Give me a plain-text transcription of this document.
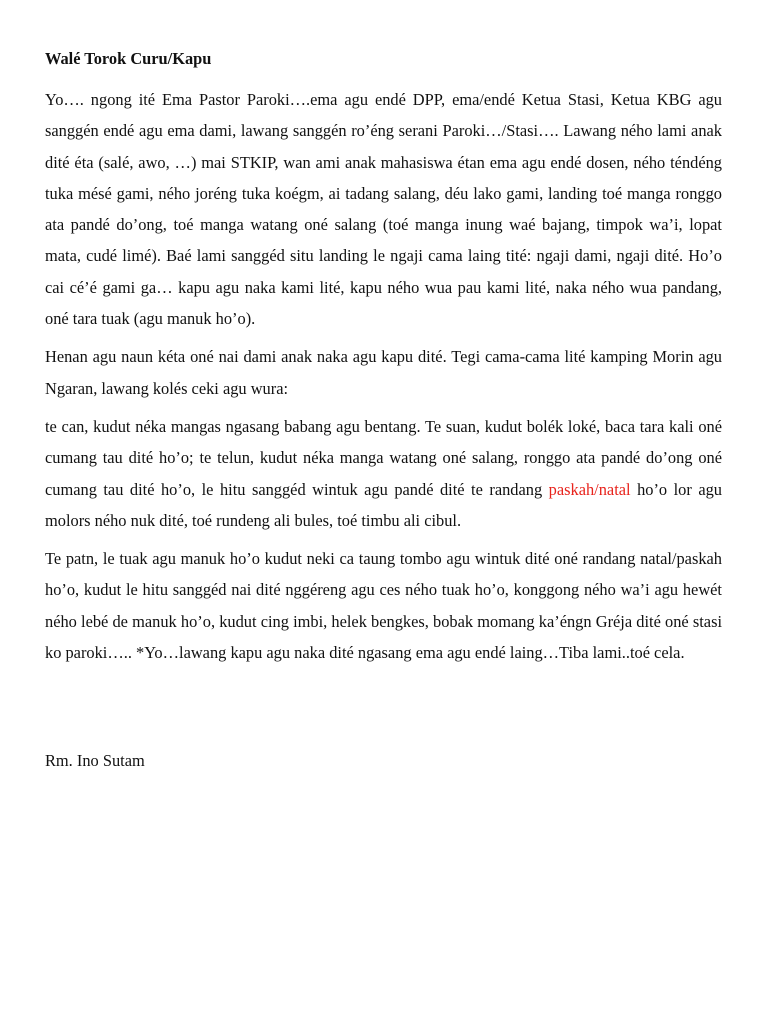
Walé Torok Curu/Kapu

Yo…. ngong ité Ema Pastor Paroki….ema agu endé DPP, ema/endé Ketua Stasi, Ketua KBG agu sanggén endé agu ema dami, lawang sanggén ro’éng serani Paroki…/Stasi…. Lawang ného lami anak dité éta (salé, awo, …) mai STKIP, wan ami anak mahasiswa étan ema agu endé dosen, ného téndéng tuka mésé gami, ného joréng tuka koégm, ai tadang salang, déu lako gami, landing toé manga ronggo ata pandé do’ong, toé manga watang oné salang (toé manga inung waé bajang, timpok wa’i, lopat mata, cudé limé). Baé lami sanggéd situ landing le ngaji cama laing tité: ngaji dami, ngaji dité. Ho’o cai cé’é gami ga… kapu agu naka kami lité, kapu ného wua pau kami lité, naka ného wua pandang, oné tara tuak (agu manuk ho’o).

Henan agu naun kéta oné nai dami anak naka agu kapu dité. Tegi cama-cama lité kamping Morin agu Ngaran, lawang kolés ceki agu wura:

te can, kudut néka mangas ngasang babang agu bentang. Te suan, kudut bolék loké, baca tara kali oné cumang tau dité ho’o; te telun, kudut néka manga watang oné salang, ronggo ata pandé do’ong oné cumang tau dité ho’o, le hitu sanggéd wintuk agu pandé dité te randang paskah/natal ho’o lor agu molors ného nuk dité, toé rundeng ali bules, toé timbu ali cibul.

Te patn, le tuak agu manuk ho’o kudut neki ca taung tombo agu wintuk dité oné randang natal/paskah ho’o, kudut le hitu sanggéd nai dité nggéreng agu ces ného tuak ho’o, konggong ného wa’i agu hewét ného lebé de manuk ho’o, kudut cing imbi, helek bengkes, bobak momang ka’éngn Gréja dité oné stasi ko paroki….. *Yo…lawang kapu agu naka dité ngasang ema agu endé laing…Tiba lami..toé cela.

Rm. Ino Sutam
